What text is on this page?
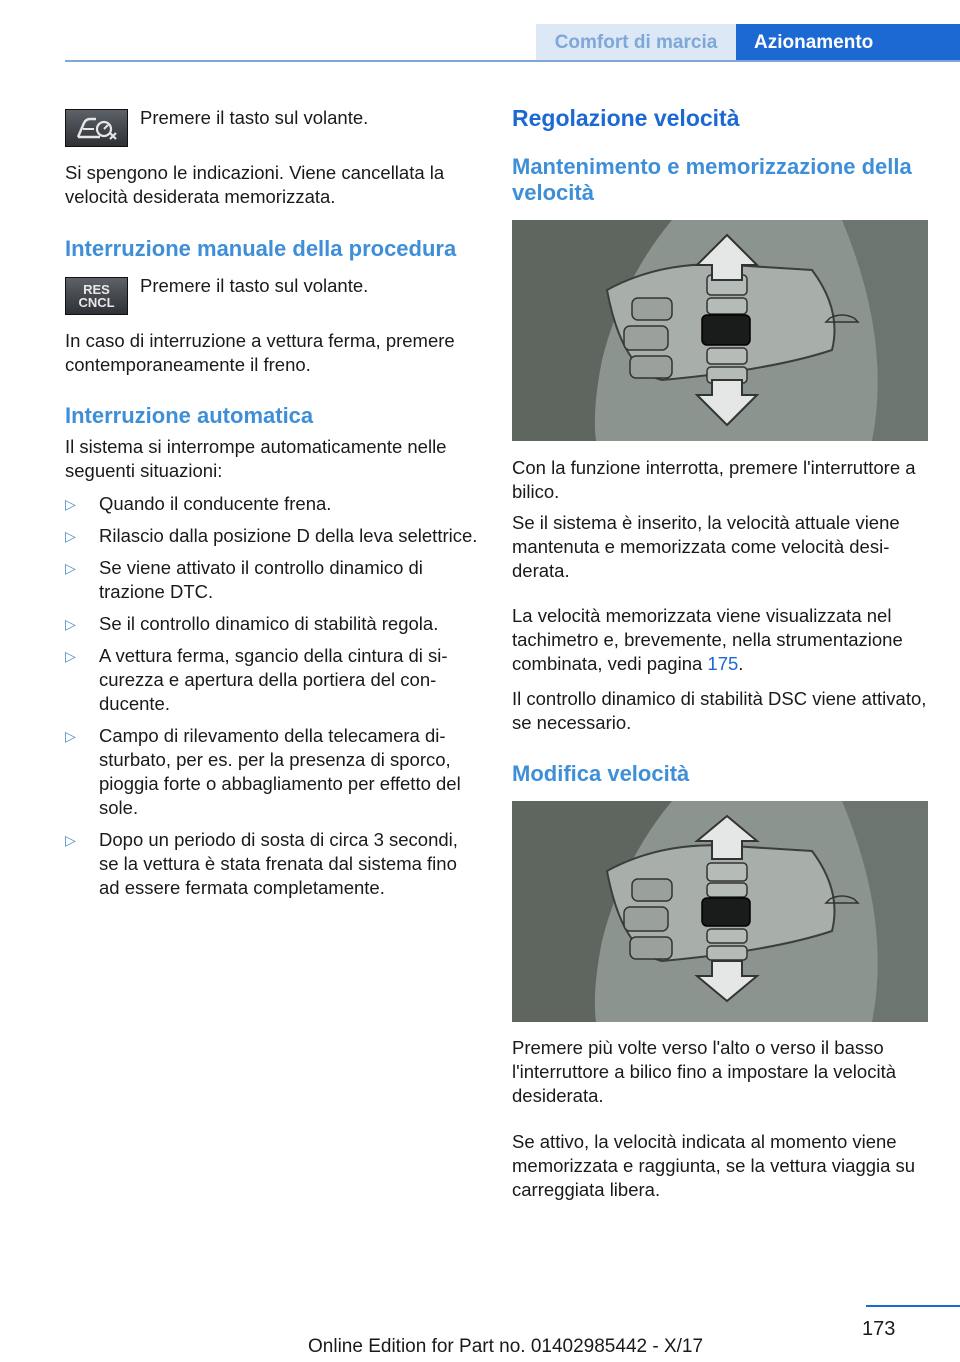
Comfort di marcia	Azionamento
Premere il tasto sul volante.
Si spengono le indicazioni. Viene cancellata la velocità desiderata memorizzata.
Interruzione manuale della procedura
RES
CNCL
Premere il tasto sul volante.
In caso di interruzione a vettura ferma, premere contemporaneamente il freno.
Interruzione automatica
Il sistema si interrompe automaticamente nelle seguenti situazioni:
▷ Quando il conducente frena.
▷ Rilascio dalla posizione D della leva selettrice.
▷ Se viene attivato il controllo dinamico di trazione DTC.
▷ Se il controllo dinamico di stabilità regola.
▷ A vettura ferma, sgancio della cintura di sicurezza e apertura della portiera del conducente.
▷ Campo di rilevamento della telecamera disturbato, per es. per la presenza di sporco, pioggia forte o abbagliamento per effetto del sole.
▷ Dopo un periodo di sosta di circa 3 secondi, se la vettura è stata frenata dal sistema fino ad essere fermata completamente.
Regolazione velocità
Mantenimento e memorizzazione della velocità
Con la funzione interrotta, premere l'interruttore a bilico.
Se il sistema è inserito, la velocità attuale viene mantenuta e memorizzata come velocità desiderata.
La velocità memorizzata viene visualizzata nel tachimetro e, brevemente, nella strumentazione combinata, vedi pagina 175.
Il controllo dinamico di stabilità DSC viene attivato, se necessario.
Modifica velocità
Premere più volte verso l'alto o verso il basso l'interruttore a bilico fino a impostare la velocità desiderata.
Se attivo, la velocità indicata al momento viene memorizzata e raggiunta, se la vettura viaggia su carreggiata libera.
173
Online Edition for Part no. 01402985442 - X/17
